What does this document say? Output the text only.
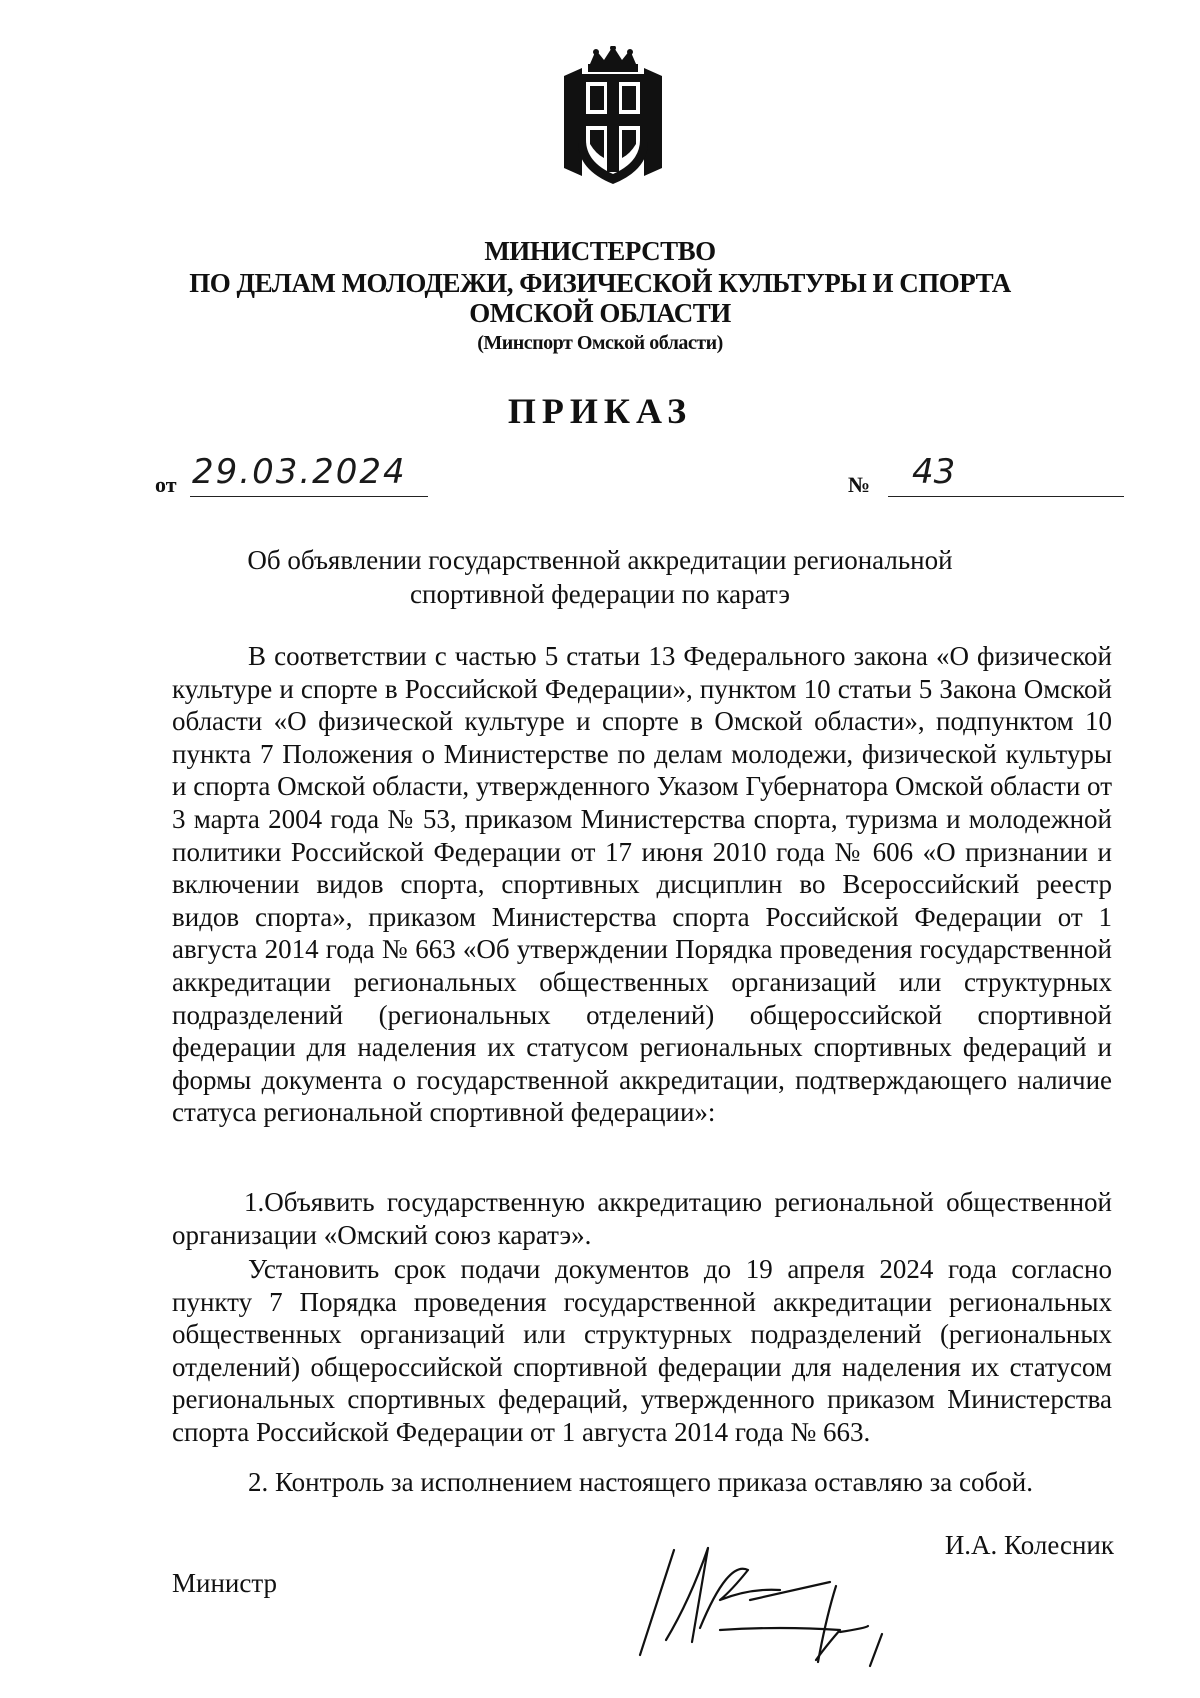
МИНИСТЕРСТВО
ПО ДЕЛАМ МОЛОДЕЖИ, ФИЗИЧЕСКОЙ КУЛЬТУРЫ И СПОРТА
ОМСКОЙ ОБЛАСТИ
(Минспорт Омской области)
ПРИКАЗ
от 29.03.2024	№ 43
Об объявлении государственной аккредитации региональной
спортивной федерации по каратэ
В соответствии с частью 5 статьи 13 Федерального закона «О физической культуре и спорте в Российской Федерации», пунктом 10 статьи 5 Закона Омской области «О физической культуре и спорте в Омской области», подпунктом 10 пункта 7 Положения о Министерстве по делам молодежи, физической культуры и спорта Омской области, утвержденного Указом Губернатора Омской области от 3 марта 2004 года № 53, приказом Министерства спорта, туризма и молодежной политики Российской Федерации от 17 июня 2010 года № 606 «О признании и включении видов спорта, спортивных дисциплин во Всероссийский реестр видов спорта», приказом Министерства спорта Российской Федерации от 1 августа 2014 года № 663 «Об утверждении Порядка проведения государственной аккредитации региональных общественных организаций или структурных подразделений (региональных отделений) общероссийской спортивной федерации для наделения их статусом региональных спортивных федераций и формы документа о государственной аккредитации, подтверждающего наличие статуса региональной спортивной федерации»:
1.Объявить государственную аккредитацию региональной общественной организации «Омский союз каратэ».
Установить срок подачи документов до 19 апреля 2024 года согласно пункту 7 Порядка проведения государственной аккредитации региональных общественных организаций или структурных подразделений (региональных отделений) общероссийской спортивной федерации для наделения их статусом региональных спортивных федераций, утвержденного приказом Министерства спорта Российской Федерации от 1 августа 2014 года № 663.
2. Контроль за исполнением настоящего приказа оставляю за собой.
И.А. Колесник
Министр
